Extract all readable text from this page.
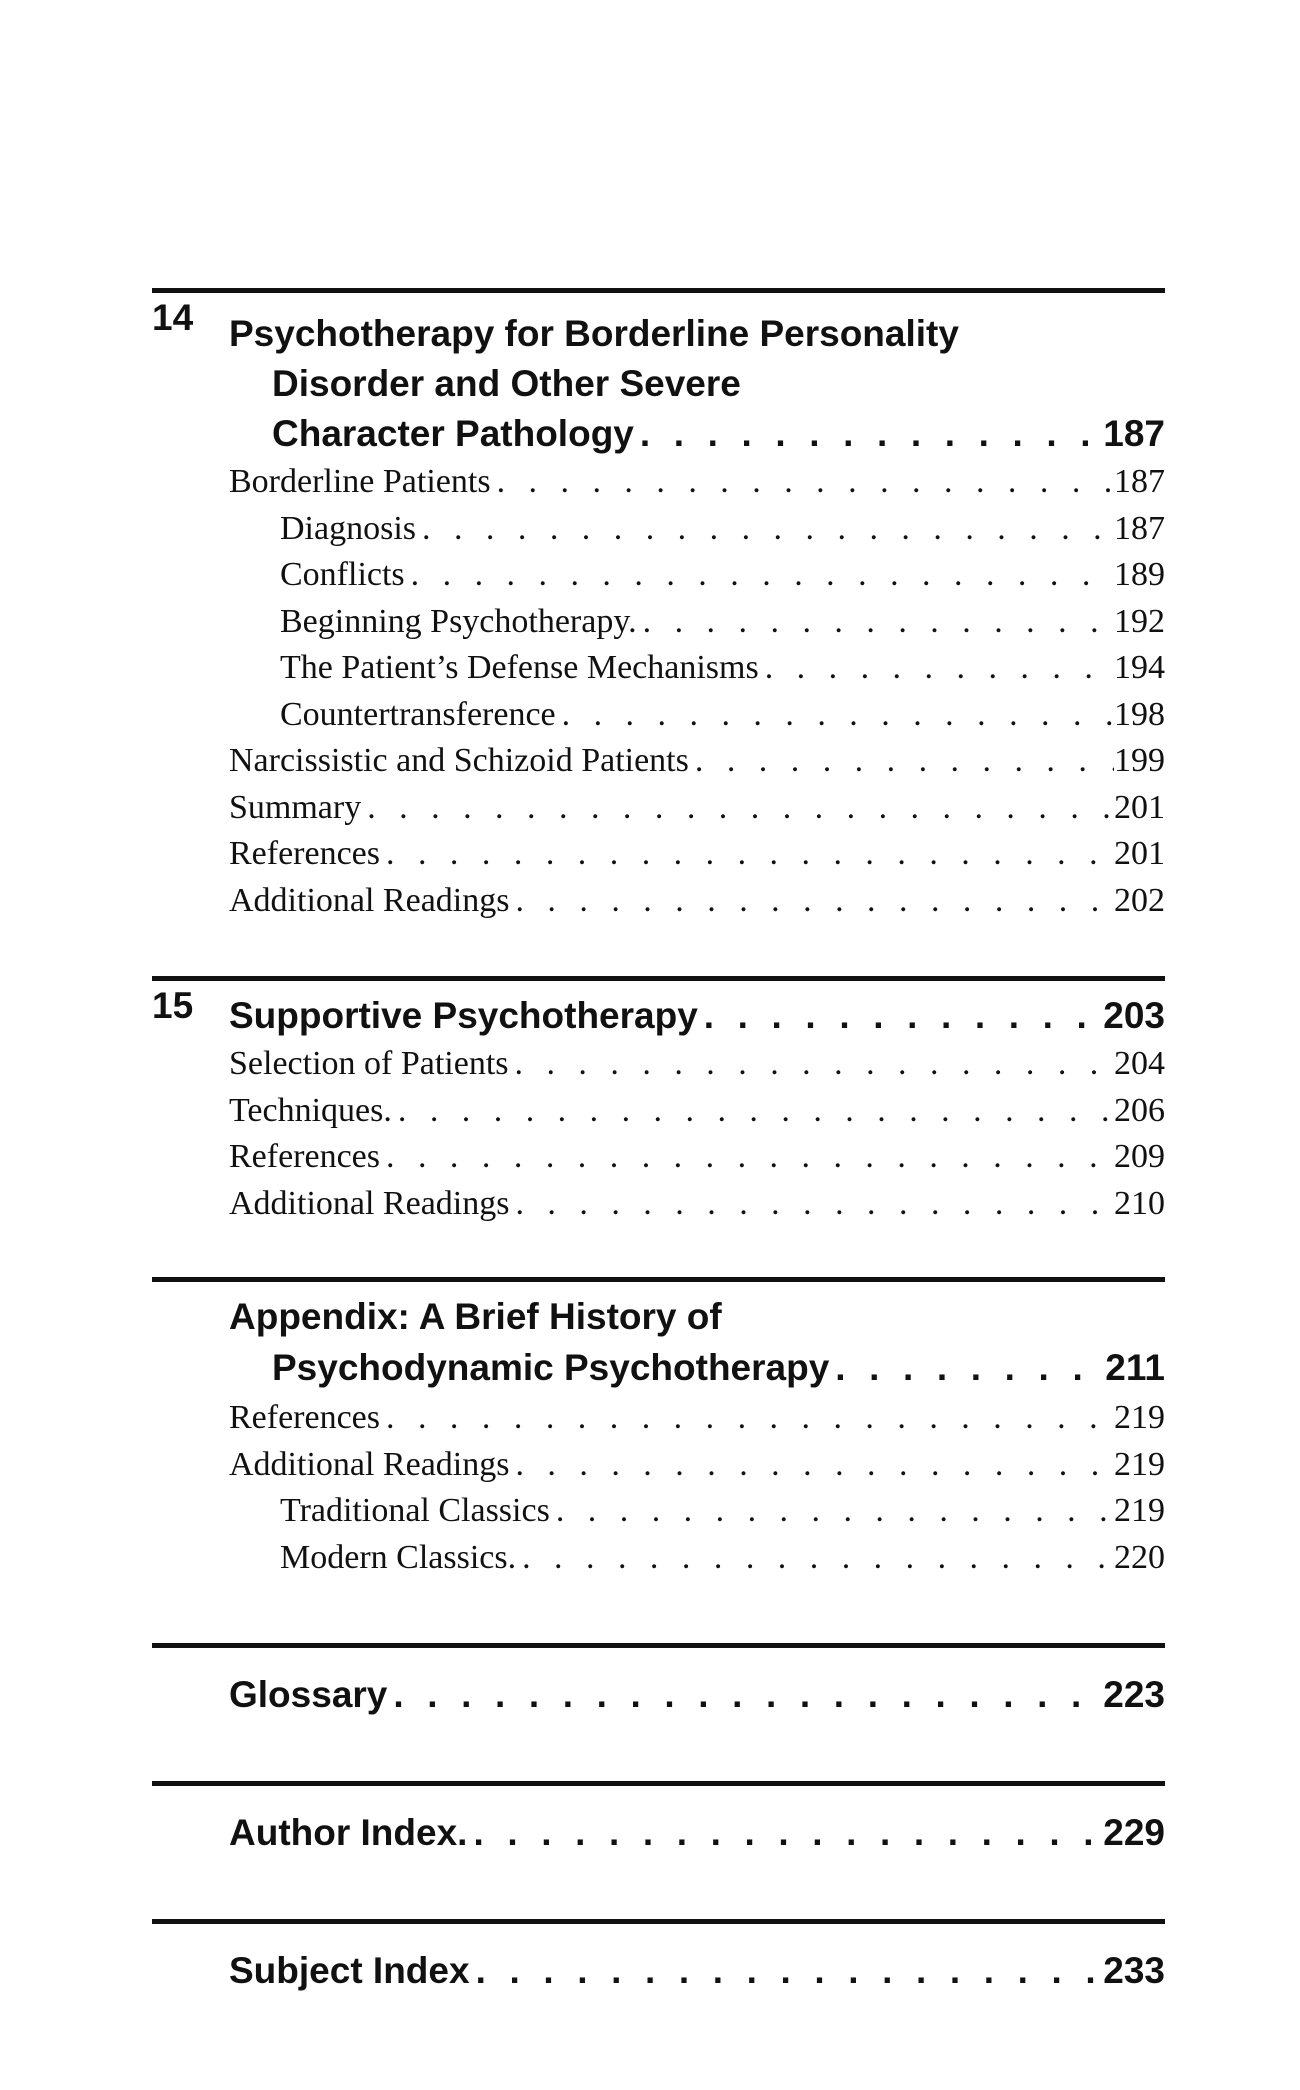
14 Psychotherapy for Borderline Personality
Disorder and Other Severe
Character Pathology . . .	187
Borderline Patients . . .	187
Diagnosis . . .	187
Conflicts . . .	189
Beginning Psychotherapy. . . .	192
The Patient’s Defense Mechanisms . . .	194
Countertransference . . .	198
Narcissistic and Schizoid Patients . . .	199
Summary . . .	201
References . . .	201
Additional Readings . . .	202
15 Supportive Psychotherapy . . .	203
Selection of Patients . . .	204
Techniques. . . .	206
References . . .	209
Additional Readings . . .	210
Appendix: A Brief History of
Psychodynamic Psychotherapy . . .	211
References . . .	219
Additional Readings . . .	219
Traditional Classics . . .	219
Modern Classics. . . .	220
Glossary . . .	223
Author Index. . . .	229
Subject Index . . .	233
